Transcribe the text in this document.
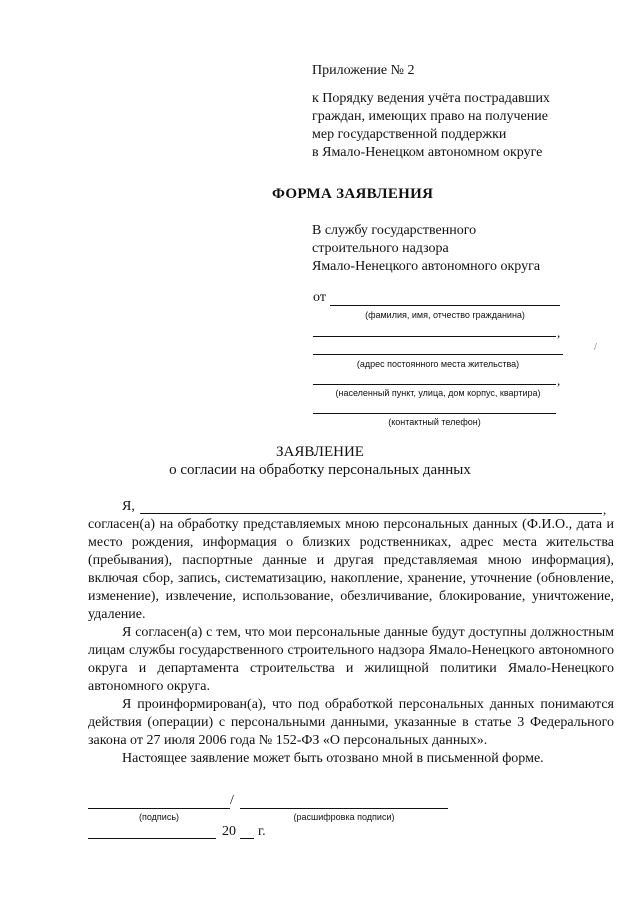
Приложение № 2
к Порядку ведения учёта пострадавших
граждан, имеющих право на получение
мер государственной поддержки
в Ямало-Ненецком автономном округе
ФОРМА ЗАЯВЛЕНИЯ
В службу государственного
строительного надзора
Ямало-Ненецкого автономного округа
от
(фамилия, имя, отчество гражданина)
,
(адрес постоянного места жительства)
/
,
(населенный пункт, улица, дом корпус, квартира)
(контактный телефон)
ЗАЯВЛЕНИЕ
о согласии на обработку персональных данных
Я,	,

согласен(а) на обработку представляемых мною персональных данных (Ф.И.О., дата и место рождения, информация о близких родственниках, адрес места жительства (пребывания), паспортные данные и другая представляемая мною информация), включая сбор, запись, систематизацию, накопление, хранение, уточнение (обновление, изменение), извлечение, использование, обезличивание, блокирование, уничтожение, удаление.

Я согласен(а) с тем, что мои персональные данные будут доступны должностным лицам службы государственного строительного надзора Ямало-Ненецкого автономного округа и департамента строительства и жилищной политики Ямало-Ненецкого автономного округа.

Я проинформирован(а), что под обработкой персональных данных понимаются действия (операции) с персональными данными, указанные в статье 3 Федерального закона от 27 июля 2006 года № 152-ФЗ «О персональных данных».

Настоящее заявление может быть отозвано мной в письменной форме.

/
(подпись)	(расшифровка подписи)
20 г.
